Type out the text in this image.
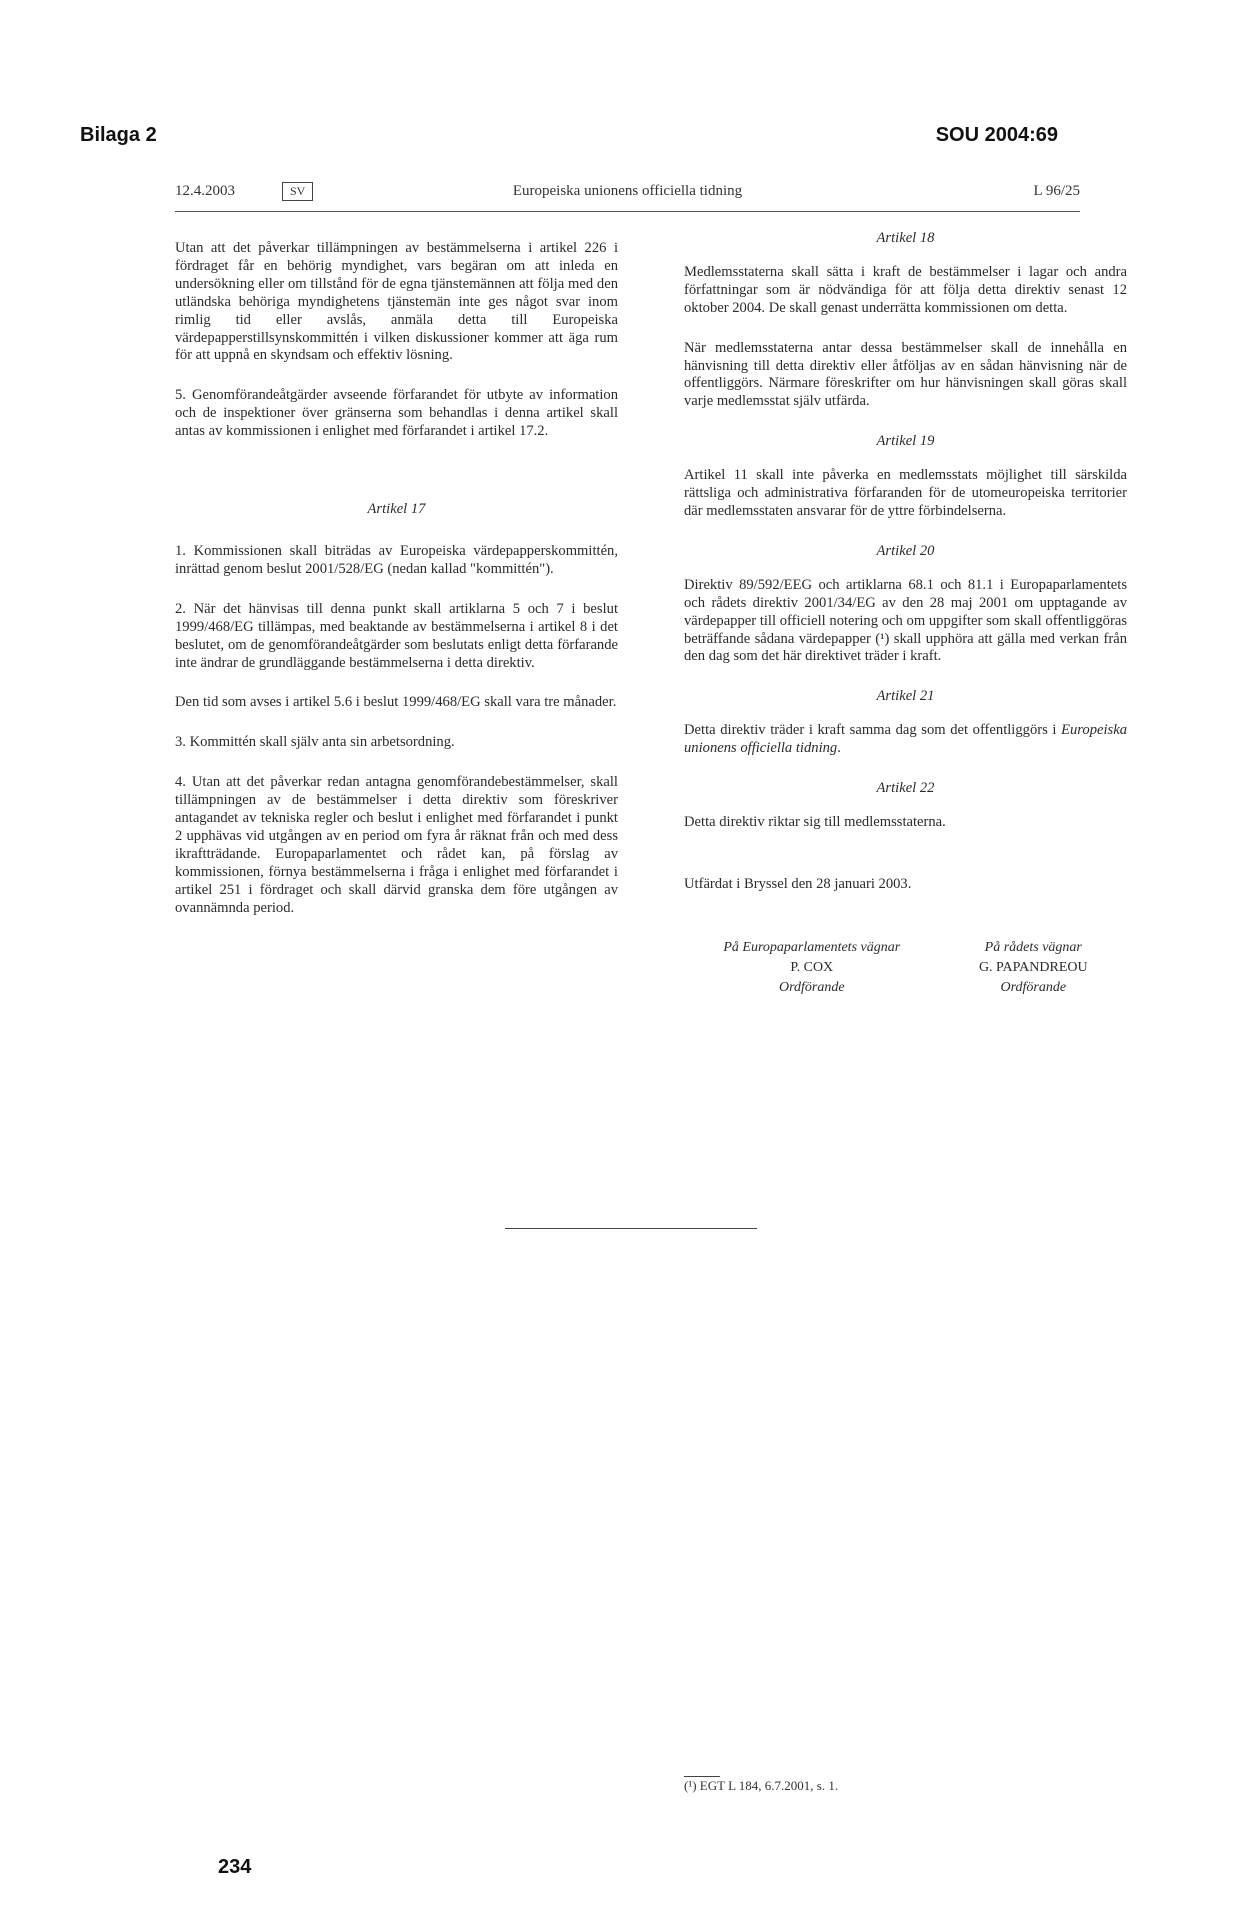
Bilaga 2	SOU 2004:69
12.4.2003	SV	Europeiska unionens officiella tidning	L 96/25

Utan att det påverkar tillämpningen av bestämmelserna i artikel 226 i fördraget får en behörig myndighet, vars begäran om att inleda en undersökning eller om tillstånd för de egna tjänstemännen att följa med den utländska behöriga myndighetens tjänstemän inte ges något svar inom rimlig tid eller avslås, anmäla detta till Europeiska värdepapperstillsynskommittén i vilken diskussioner kommer att äga rum för att uppnå en skyndsam och effektiv lösning.

5. Genomförandeåtgärder avseende förfarandet för utbyte av information och de inspektioner över gränserna som behandlas i denna artikel skall antas av kommissionen i enlighet med förfarandet i artikel 17.2.

Artikel 17

1. Kommissionen skall biträdas av Europeiska värdepapperskommittén, inrättad genom beslut 2001/528/EG (nedan kallad "kommittén").

2. När det hänvisas till denna punkt skall artiklarna 5 och 7 i beslut 1999/468/EG tillämpas, med beaktande av bestämmelserna i artikel 8 i det beslutet, om de genomförandeåtgärder som beslutats enligt detta förfarande inte ändrar de grundläggande bestämmelserna i detta direktiv.

Den tid som avses i artikel 5.6 i beslut 1999/468/EG skall vara tre månader.

3. Kommittén skall själv anta sin arbetsordning.

4. Utan att det påverkar redan antagna genomförandebestämmelser, skall tillämpningen av de bestämmelser i detta direktiv som föreskriver antagandet av tekniska regler och beslut i enlighet med förfarandet i punkt 2 upphävas vid utgången av en period om fyra år räknat från och med dess ikraftträdande. Europaparlamentet och rådet kan, på förslag av kommissionen, förnya bestämmelserna i fråga i enlighet med förfarandet i artikel 251 i fördraget och skall därvid granska dem före utgången av ovannämnda period.

Artikel 18

Medlemsstaterna skall sätta i kraft de bestämmelser i lagar och andra författningar som är nödvändiga för att följa detta direktiv senast 12 oktober 2004. De skall genast underrätta kommissionen om detta.

När medlemsstaterna antar dessa bestämmelser skall de innehålla en hänvisning till detta direktiv eller åtföljas av en sådan hänvisning när de offentliggörs. Närmare föreskrifter om hur hänvisningen skall göras skall varje medlemsstat själv utfärda.

Artikel 19

Artikel 11 skall inte påverka en medlemsstats möjlighet till särskilda rättsliga och administrativa förfaranden för de utomeuropeiska territorier där medlemsstaten ansvarar för de yttre förbindelserna.

Artikel 20

Direktiv 89/592/EEG och artiklarna 68.1 och 81.1 i Europaparlamentets och rådets direktiv 2001/34/EG av den 28 maj 2001 om upptagande av värdepapper till officiell notering och om uppgifter som skall offentliggöras beträffande sådana värdepapper (¹) skall upphöra att gälla med verkan från den dag som det här direktivet träder i kraft.

Artikel 21

Detta direktiv träder i kraft samma dag som det offentliggörs i Europeiska unionens officiella tidning.

Artikel 22

Detta direktiv riktar sig till medlemsstaterna.

Utfärdat i Bryssel den 28 januari 2003.

På Europaparlamentets vägnar
P. COX
Ordförande
På rådets vägnar
G. PAPANDREOU
Ordförande
(¹) EGT L 184, 6.7.2001, s. 1.
234
